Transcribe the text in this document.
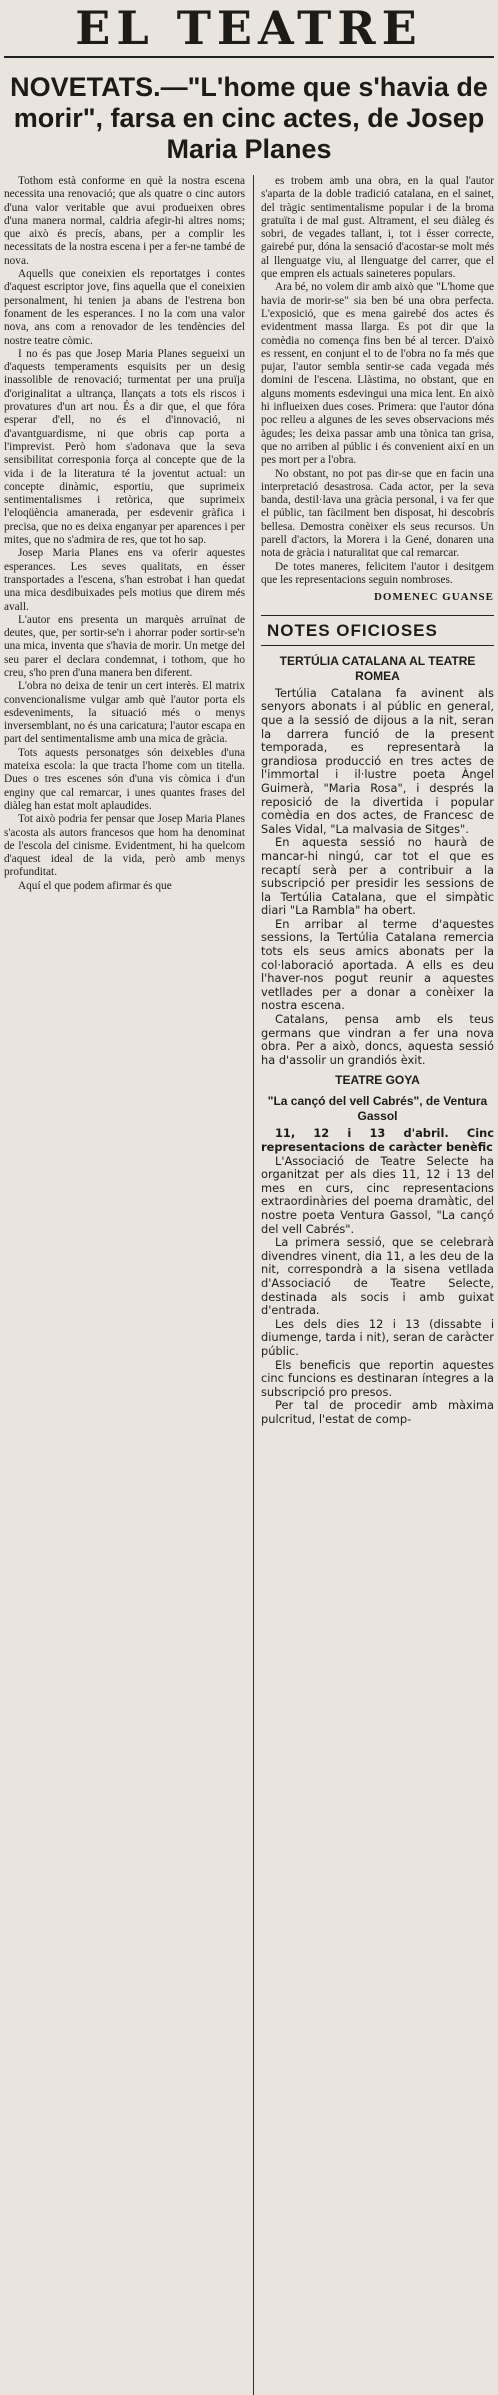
EL TEATRE
NOVETATS.—"L'home que s'havia de morir", farsa en cinc actes, de Josep Maria Planes

Tothom està conforme en què la nostra escena necessita una renovació; que als quatre o cinc autors d'una valor veritable que avui produeixen obres d'una manera normal, caldria afegir-hi altres noms; que això és precís, abans, per a complir les necessitats de la nostra escena i per a fer-ne també de nova.

Aquells que coneixien els reportatges i contes d'aquest escriptor jove, fins aquella que el coneixien personalment, hi tenien ja abans de l'estrena bon fonament de les esperances. I no la com una valor nova, ans com a renovador de les tendències del nostre teatre còmic.

I no és pas que Josep Maria Planes segueixi un d'aquests temperaments esquisits per un desig inassolible de renovació; turmentat per una pruïja d'originalitat a ultrança, llançats a tots els riscos i provatures d'un art nou. És a dir que, el que fóra esperar d'ell, no és el d'innovació, ni d'avantguardisme, ni que obris cap porta a l'imprevist. Però hom s'adonava que la seva sensibilitat corresponia força al concepte que de la vida i de la literatura té la joventut actual: un concepte dinàmic, esportiu, que suprimeix sentimentalismes i retòrica, que suprimeix l'eloqüència amanerada, per esdevenir gràfica i precisa, que no es deixa enganyar per aparences i per mites, que no s'admira de res, que tot ho sap.

Josep Maria Planes ens va oferir aquestes esperances. Les seves qualitats, en ésser transportades a l'escena, s'han estrobat i han quedat una mica desdibuixades pels motius que direm més avall.

L'autor ens presenta un marquès arruïnat de deutes, que, per sortir-se'n i ahorrar poder sortir-se'n una mica, inventa que s'havia de morir. Un metge del seu parer el declara condemnat, i tothom, que ho creu, s'ho pren d'una manera ben diferent.

L'obra no deixa de tenir un cert interès. El matrix convencionalisme vulgar amb què l'autor porta els esdeveniments, la situació més o menys inversemblant, no és una caricatura; l'autor escapa en part del sentimentalisme amb una mica de gràcia.

Tots aquests personatges són deixebles d'una mateixa escola: la que tracta l'home com un titella. Dues o tres escenes són d'una vis còmica i d'un enginy que cal remarcar, i unes quantes frases del diàleg han estat molt aplaudides.

Tot això podria fer pensar que Josep Maria Planes s'acosta als autors francesos que hom ha denominat de l'escola del cinisme. Evidentment, hi ha quelcom d'aquest ideal de la vida, però amb menys profunditat.

Aquí el que podem afirmar és que

es trobem amb una obra, en la qual l'autor s'aparta de la doble tradició catalana, en el sainet, del tràgic sentimentalisme popular i de la broma gratuïta i de mal gust. Altrament, el seu diàleg és sobri, de vegades tallant, i, tot i ésser correcte, gairebé pur, dóna la sensació d'acostar-se molt més al llenguatge viu, al llenguatge del carrer, que el que empren els actuals saineteres populars.

Ara bé, no volem dir amb això que "L'home que havia de morir-se" sia ben bé una obra perfecta. L'exposició, que es mena gairebé dos actes és evidentment massa llarga. Es pot dir que la comèdia no comença fins ben bé al tercer. D'això es ressent, en conjunt el to de l'obra no fa més que pujar, l'autor sembla sentir-se cada vegada més domini de l'escena. Llàstima, no obstant, que en alguns moments esdevingui una mica lent. En això hi influeixen dues coses. Primera: que l'autor dóna poc relleu a algunes de les seves observacions més àgudes; les deixa passar amb una tònica tan grisa, que no arriben al públic i és convenient així en un pes mort per a l'obra.

No obstant, no pot pas dir-se que en facin una interpretació desastrosa. Cada actor, per la seva banda, destil·lava una gràcia personal, i va fer que el públic, tan fàcilment ben disposat, hi descobrís bellesa. Demostra conèixer els seus recursos. Un parell d'actors, la Morera i la Gené, donaren una nota de gràcia i naturalitat que cal remarcar.

De totes maneres, felicitem l'autor i desitgem que les representacions seguin nombroses.

DOMENEC GUANSE
NOTES OFICIOSES
TERTÚLIA CATALANA AL TEATRE ROMEA

Tertúlia Catalana fa avinent als senyors abonats i al públic en general, que a la sessió de dijous a la nit, seran la darrera funció de la present temporada, es representarà la grandiosa producció en tres actes de l'immortal i il·lustre poeta Àngel Guimerà, "Maria Rosa", i després la reposició de la divertida i popular comèdia en dos actes, de Francesc de Sales Vidal, "La malvasia de Sitges".

En aquesta sessió no haurà de mancar-hi ningú, car tot el que es recaptí serà per a contribuir a la subscripció per presidir les sessions de la Tertúlia Catalana, que el simpàtic diari "La Rambla" ha obert.

En arribar al terme d'aquestes sessions, la Tertúlia Catalana remercia tots els seus amics abonats per la col·laboració aportada. A ells es deu l'haver-nos pogut reunir a aquestes vetllades per a donar a conèixer la nostra escena.

Catalans, pensa amb els teus germans que vindran a fer una nova obra. Per a això, doncs, aquesta sessió ha d'assolir un grandiós èxit.

TEATRE GOYA
"La cançó del vell Cabrés", de Ventura Gassol

11, 12 i 13 d'abril. Cinc representacions de caràcter benèfic

L'Associació de Teatre Selecte ha organitzat per als dies 11, 12 i 13 del mes en curs, cinc representacions extraordinàries del poema dramàtic, del nostre poeta Ventura Gassol, "La cançó del vell Cabrés".

La primera sessió, que se celebrarà divendres vinent, dia 11, a les deu de la nit, correspondrà a la sisena vetllada d'Associació de Teatre Selecte, destinada als socis i amb guixat d'entrada.

Les dels dies 12 i 13 (dissabte i diumenge, tarda i nit), seran de caràcter públic.

Els beneficis que reportin aquestes cinc funcions es destinaran íntegres a la subscripció pro presos.

Per tal de procedir amb màxima pulcritud, l'estat de comp-
